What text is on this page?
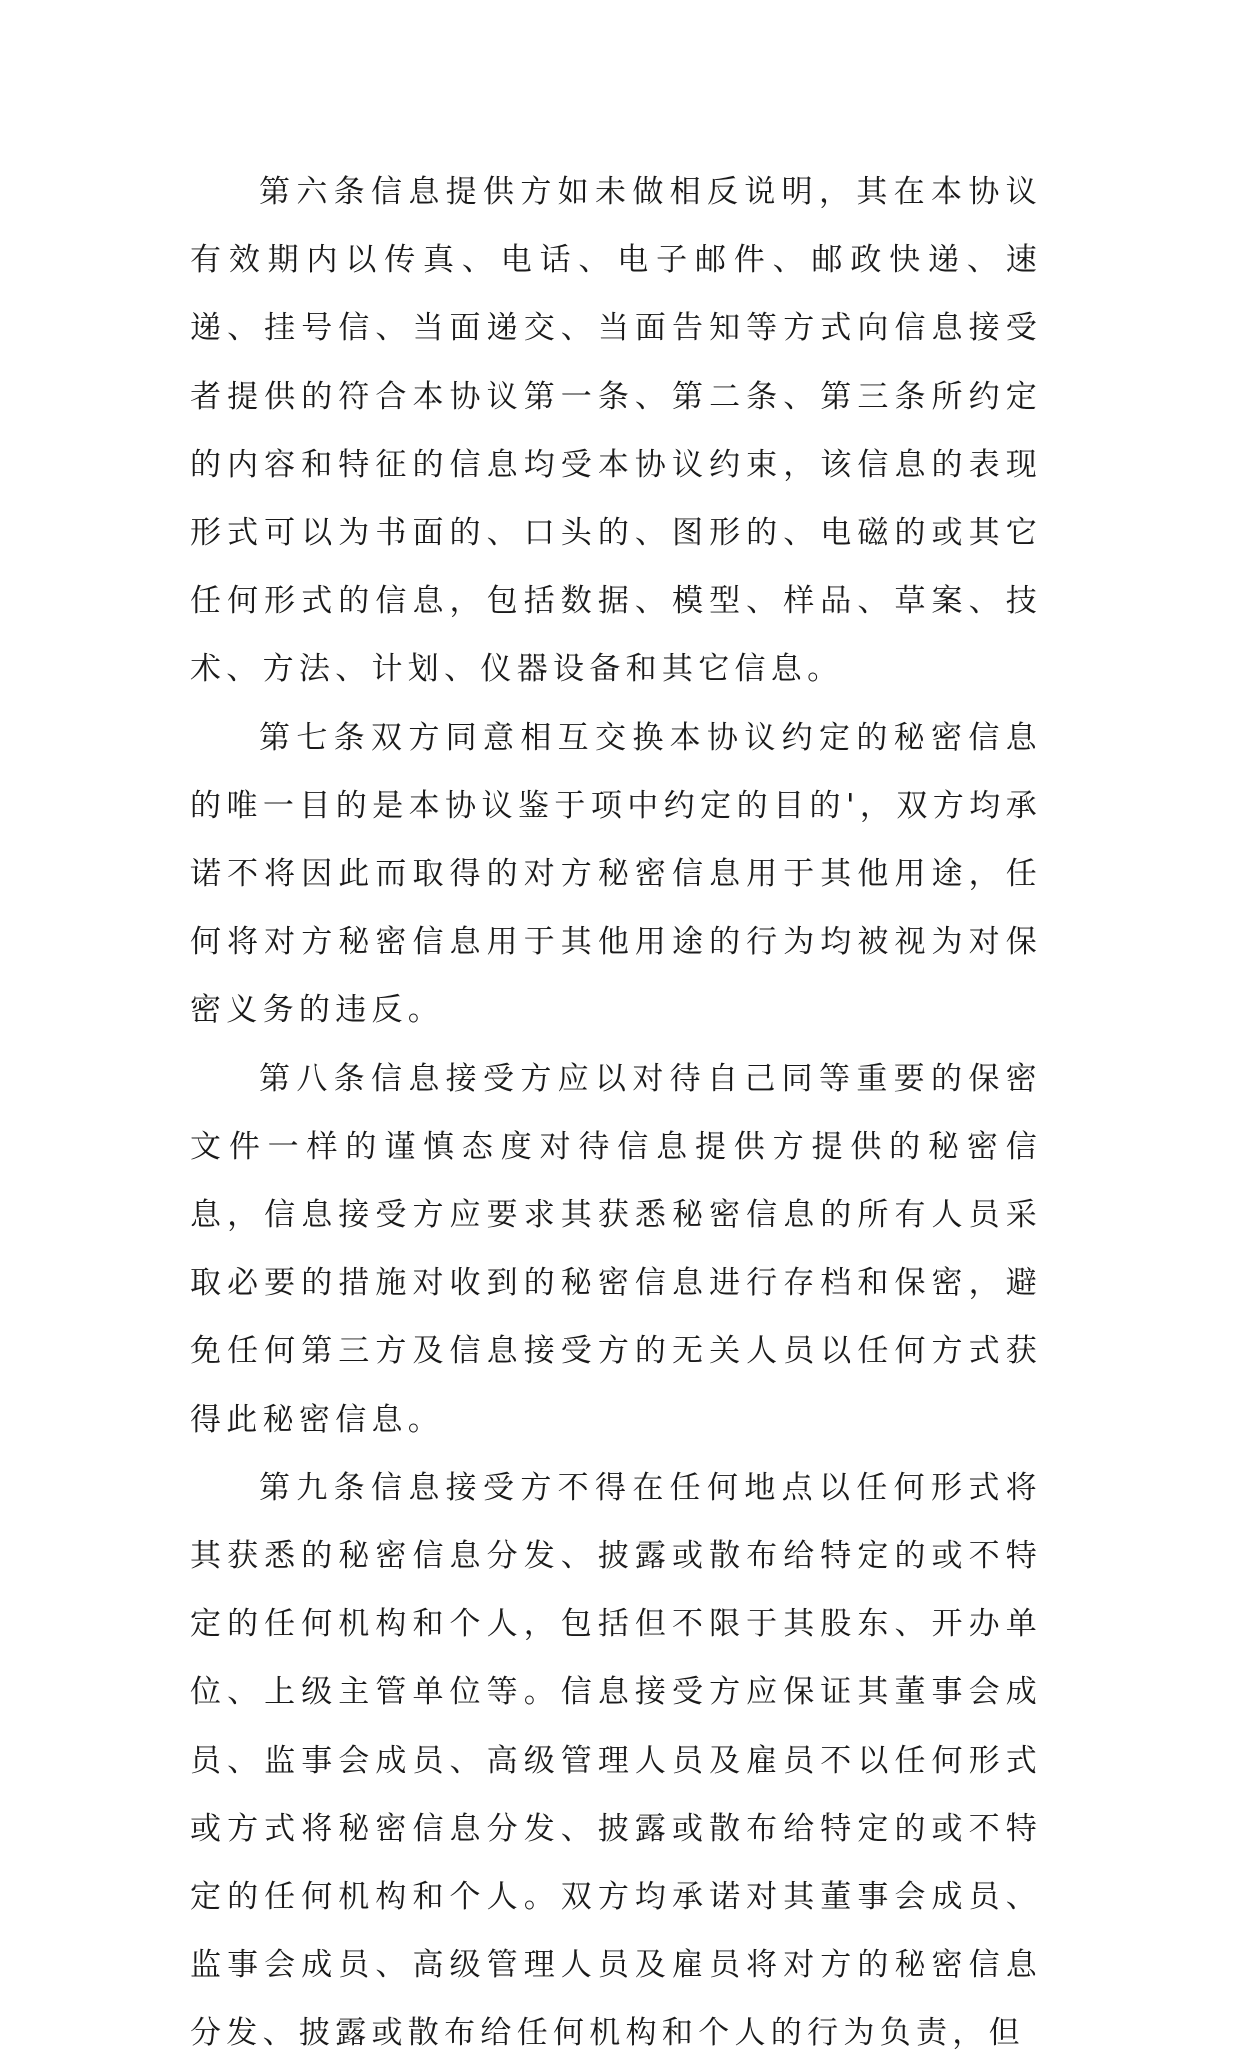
第六条信息提供方如未做相反说明，其在本协议有效期内以传真、电话、电子邮件、邮政快递、速递、挂号信、当面递交、当面告知等方式向信息接受者提供的符合本协议第一条、第二条、第三条所约定的内容和特征的信息均受本协议约束，该信息的表现形式可以为书面的、口头的、图形的、电磁的或其它任何形式的信息，包括数据、模型、样品、草案、技术、方法、计划、仪器设备和其它信息。

第七条双方同意相互交换本协议约定的秘密信息的唯一目的是本协议鉴于项中约定的目的'，双方均承诺不将因此而取得的对方秘密信息用于其他用途，任何将对方秘密信息用于其他用途的行为均被视为对保密义务的违反。

第八条信息接受方应以对待自己同等重要的保密文件一样的谨慎态度对待信息提供方提供的秘密信息，信息接受方应要求其获悉秘密信息的所有人员采取必要的措施对收到的秘密信息进行存档和保密，避免任何第三方及信息接受方的无关人员以任何方式获得此秘密信息。

第九条信息接受方不得在任何地点以任何形式将其获悉的秘密信息分发、披露或散布给特定的或不特定的任何机构和个人，包括但不限于其股东、开办单位、上级主管单位等。信息接受方应保证其董事会成员、监事会成员、高级管理人员及雇员不以任何形式或方式将秘密信息分发、披露或散布给特定的或不特定的任何机构和个人。双方均承诺对其董事会成员、监事会成员、高级管理人员及雇员将对方的秘密信息分发、披露或散布给任何机构和个人的行为负责，但
